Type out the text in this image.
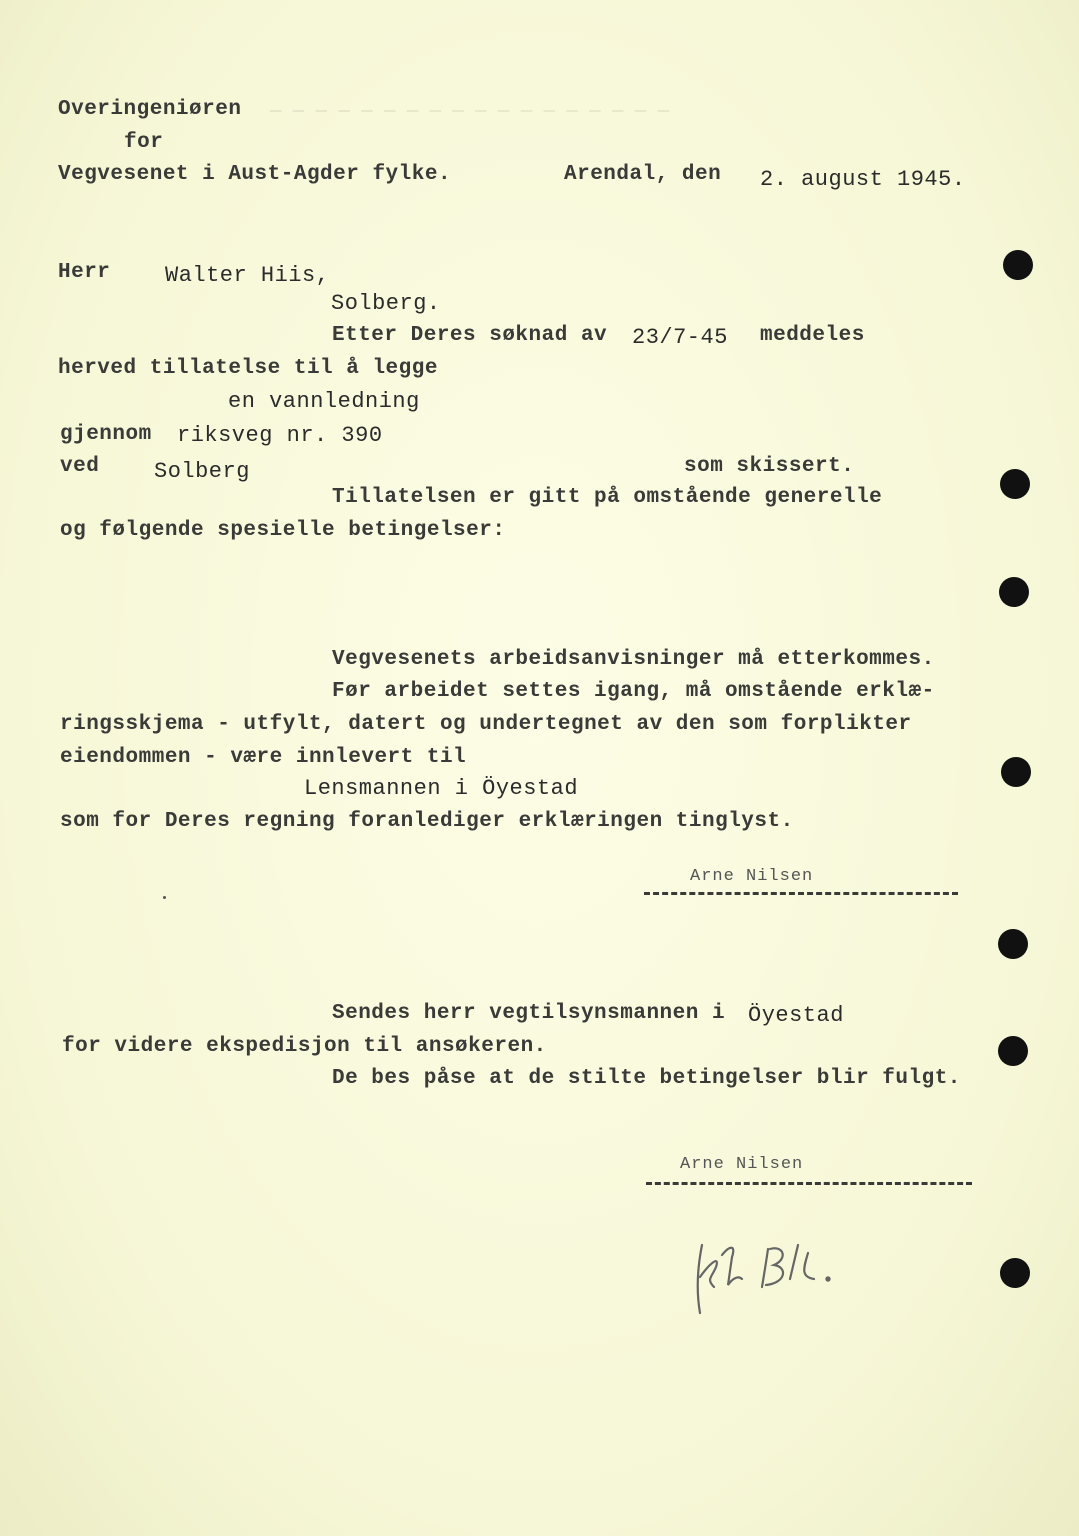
— — — — — — — — — — — — — — — — — —
Overingeniøren
for
Vegvesenet i Aust-Agder fylke.	Arendal, den 2. august 1945.
Herr Walter Hiis,
Solberg.
Etter Deres søknad av 23/7-45 meddeles
herved tillatelse til å legge
en vannledning
gjennom riksveg nr. 390
ved Solberg	som skissert.
Tillatelsen er gitt på omstående generelle
og følgende spesielle betingelser:
Vegvesenets arbeidsanvisninger må etterkommes.
Før arbeidet settes igang, må omstående erklæ-
ringsskjema - utfylt, datert og undertegnet av den som forplikter
eiendommen - være innlevert til
Lensmannen i Öyestad
som for Deres regning foranlediger erklæringen tinglyst.
Arne Nilsen
Sendes herr vegtilsynsmannen i Öyestad
for videre ekspedisjon til ansøkeren.
De bes påse at de stilte betingelser blir fulgt.
Arne Nilsen
